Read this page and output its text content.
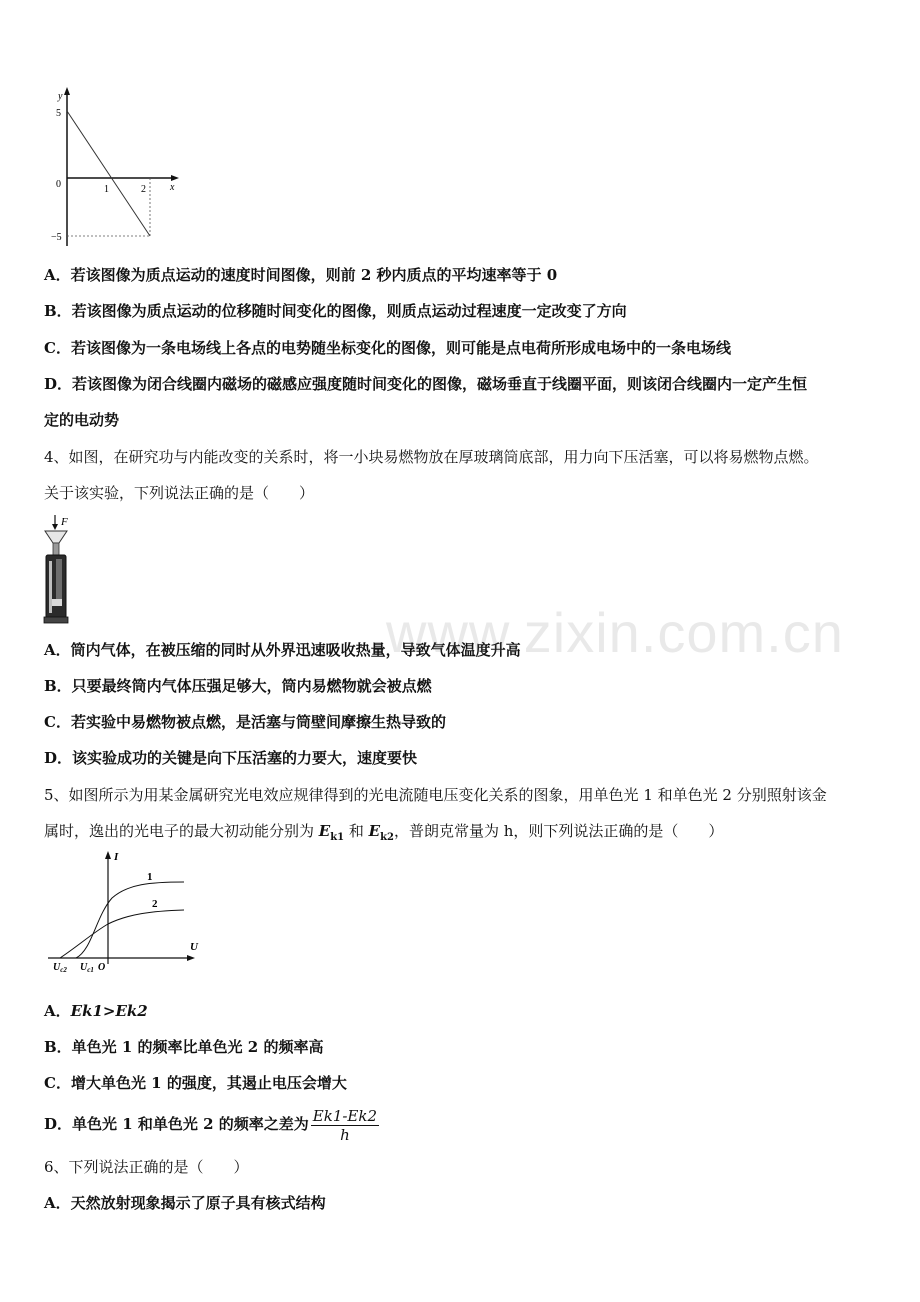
y
x
5
0	1	2
−5
A．若该图像为质点运动的速度时间图像，则前 2 秒内质点的平均速率等于 0
B．若该图像为质点运动的位移随时间变化的图像，则质点运动过程速度一定改变了方向
C．若该图像为一条电场线上各点的电势随坐标变化的图像，则可能是点电荷所形成电场中的一条电场线
D．若该图像为闭合线圈内磁场的磁感应强度随时间变化的图像，磁场垂直于线圈平面，则该闭合线圈内一定产生恒
定的电动势
4、如图，在研究功与内能改变的关系时，将一小块易燃物放在厚玻璃筒底部，用力向下压活塞，可以将易燃物点燃。
关于该实验，下列说法正确的是（　　）
F
A．筒内气体，在被压缩的同时从外界迅速吸收热量，导致气体温度升高
B．只要最终筒内气体压强足够大，筒内易燃物就会被点燃
C．若实验中易燃物被点燃，是活塞与筒壁间摩擦生热导致的
D．该实验成功的关键是向下压活塞的力要大，速度要快
5、如图所示为用某金属研究光电效应规律得到的光电流随电压变化关系的图象，用单色光 1 和单色光 2 分别照射该金
属时，逸出的光电子的最大初动能分别为 $E_{k1}$ 和 $E_{k2}$，普朗克常量为 h，则下列说法正确的是（　　）
I
U
1
2
$U_{c2}$ $U_{c1}$ O
A．Ek1>Ek2
B．单色光 1 的频率比单色光 2 的频率高
C．增大单色光 1 的强度，其遏止电压会增大
D．单色光 1 和单色光 2 的频率之差为 $\frac{Ek1-Ek2}{h}$
6、下列说法正确的是（　　）
A．天然放射现象揭示了原子具有核式结构
www.zixin.com.cn
